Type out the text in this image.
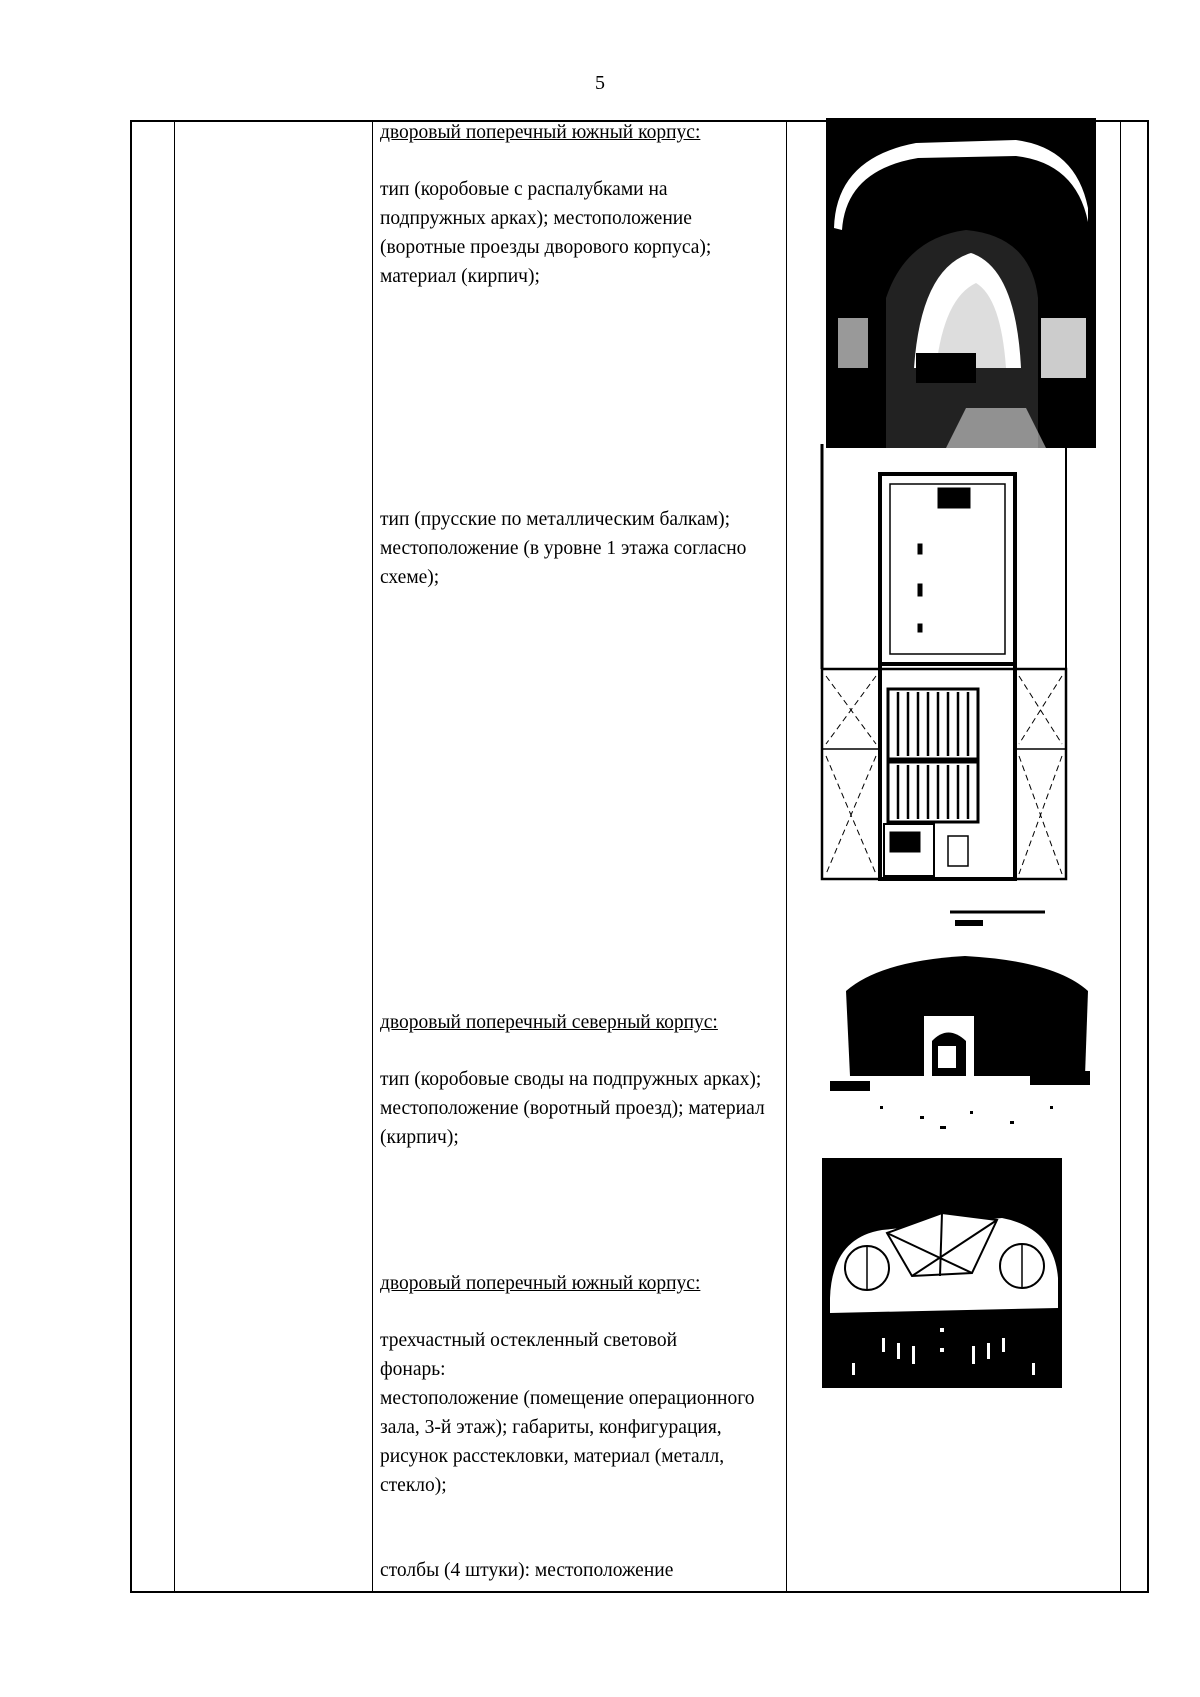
5

дворовый поперечный южный корпус:

тип (коробовые с распалубками на подпружных арках); местоположение (воротные проезды дворового корпуса); материал (кирпич);

тип (прусские по металлическим балкам); местоположение (в уровне 1 этажа согласно схеме);

дворовый поперечный северный корпус:

тип (коробовые своды на подпружных арках); местоположение (воротный проезд); материал (кирпич);

дворовый поперечный южный корпус:

трехчастный остекленный световой

фонарь:

местоположение (помещение операционного зала, 3-й этаж); габариты, конфигурация, рисунок расстекловки, материал (металл, стекло);

столбы (4 штуки): местоположение
